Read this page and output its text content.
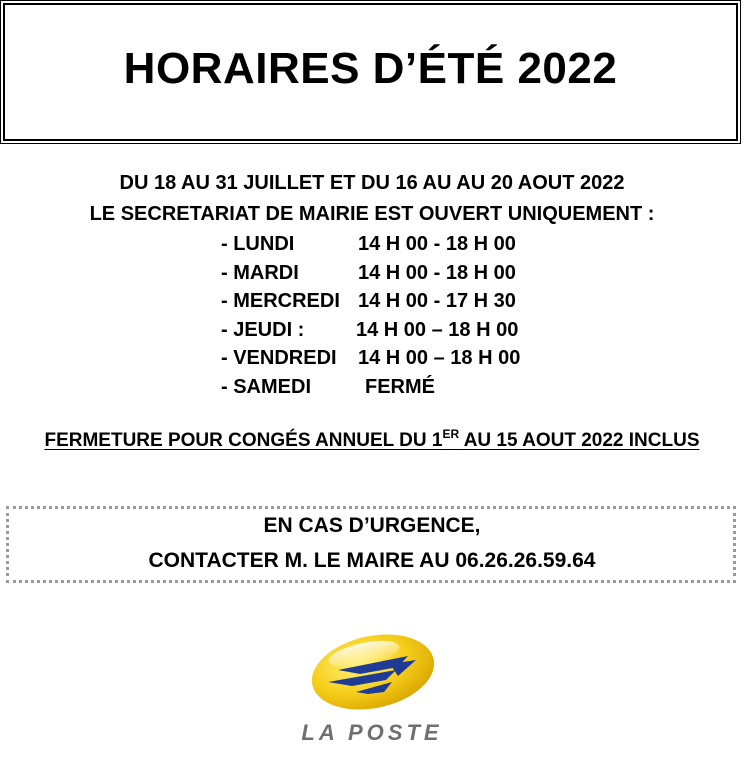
HORAIRES D’ÉTÉ 2022
DU 18 AU 31 JUILLET ET DU 16 AU AU 20 AOUT 2022
LE SECRETARIAT DE MAIRIE EST OUVERT UNIQUEMENT :
- LUNDI	14 H 00 - 18 H 00
- MARDI	14 H 00 - 18 H 00
- MERCREDI 14 H 00 - 17 H 30
- JEUDI :	14 H 00 – 18 H 00
- VENDREDI 14 H 00 – 18 H 00
- SAMEDI	FERMÉ
FERMETURE POUR CONGÉS ANNUEL DU 1ER AU 15 AOUT 2022 INCLUS
EN CAS D’URGENCE,
CONTACTER M. LE MAIRE AU 06.26.26.59.64
LA POSTE
